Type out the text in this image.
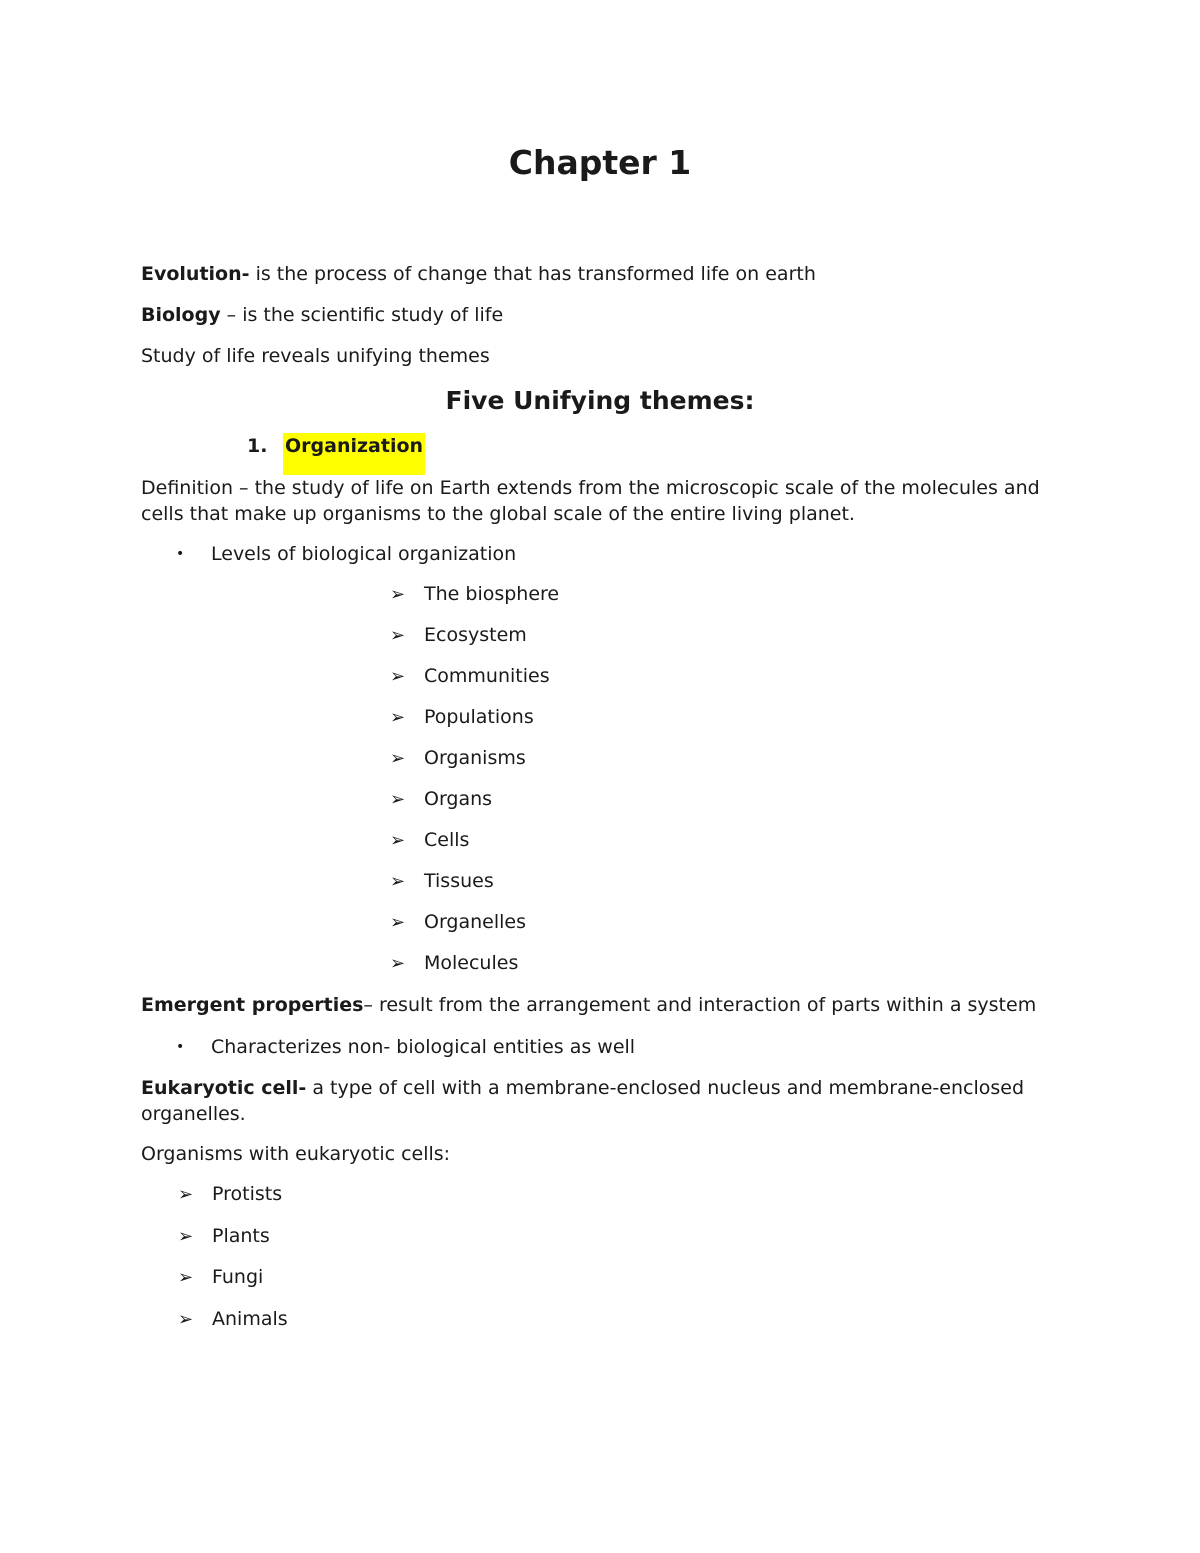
Chapter 1

Evolution- is the process of change that has transformed life on earth

Biology – is the scientific study of life

Study of life reveals unifying themes

Five Unifying themes:
1. Organization

Definition – the study of life on Earth extends from the microscopic scale of the molecules and cells that make up organisms to the global scale of the entire living planet.

• Levels of biological organization
➢ The biosphere
➢ Ecosystem
➢ Communities
➢ Populations
➢ Organisms
➢ Organs
➢ Cells
➢ Tissues
➢ Organelles
➢ Molecules

Emergent properties– result from the arrangement and interaction of parts within a system

• Characterizes non- biological entities as well

Eukaryotic cell- a type of cell with a membrane-enclosed nucleus and membrane-enclosed organelles.

Organisms with eukaryotic cells:

➢ Protists
➢ Plants
➢ Fungi
➢ Animals
